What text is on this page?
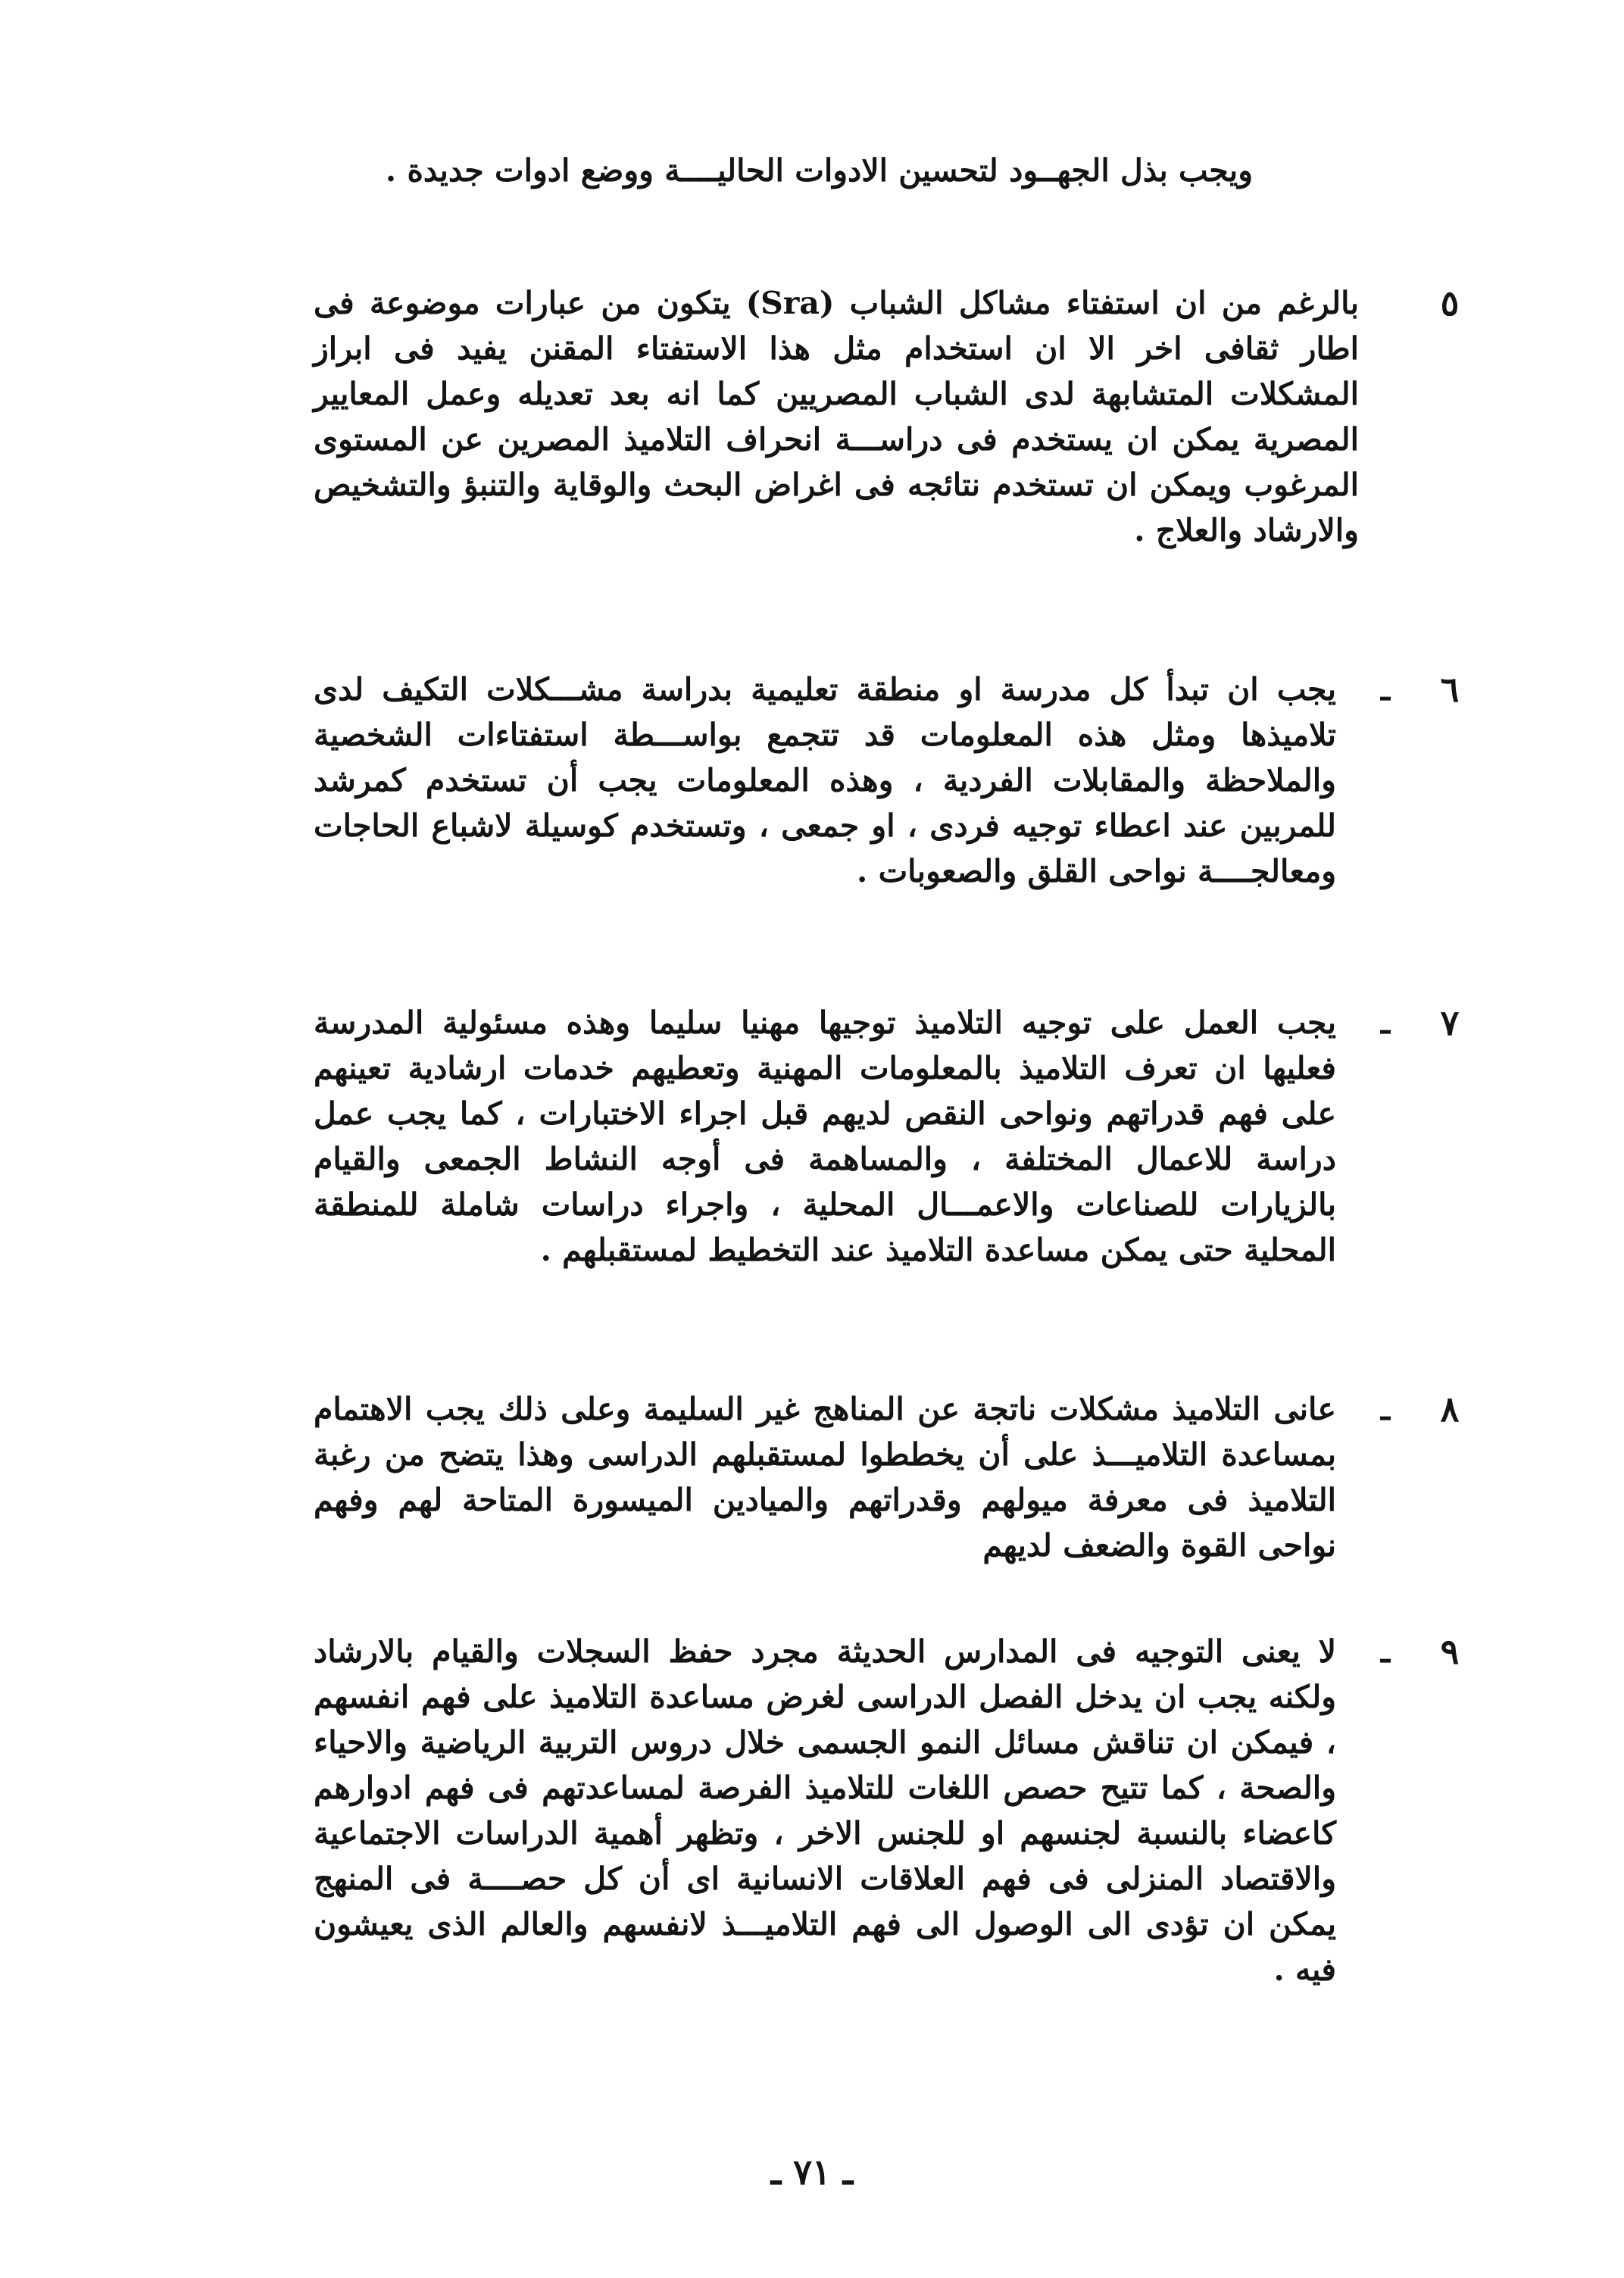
ويجب بذل الجهــود لتحسين الادوات الحاليــــة ووضع ادوات جديدة .
٥
بالرغم من ان استفتاء مشاكل الشباب (Sra) يتكون من عبارات موضوعة فى اطار ثقافى اخر الا ان استخدام مثل هذا الاستفتاء المقنن يفيد فى ابراز المشكلات المتشابهة لدى الشباب المصريين كما انه بعد تعديله وعمل المعايير المصرية يمكن ان يستخدم فى دراســـة انحراف التلاميذ المصرين عن المستوى المرغوب ويمكن ان تستخدم نتائجه فى اغراض البحث والوقاية والتنبؤ والتشخيص والارشاد والعلاج .
٦
ـ
يجب ان تبدأ كل مدرسة او منطقة تعليمية بدراسة مشـــكلات التكيف لدى تلاميذها ومثل هذه المعلومات قد تتجمع بواســـطة استفتاءات الشخصية والملاحظة والمقابلات الفردية ، وهذه المعلومات يجب أن تستخدم كمرشد للمربين عند اعطاء توجيه فردى ، او جمعى ، وتستخدم كوسيلة لاشباع الحاجات ومعالجــــة نواحى القلق والصعوبات .
٧
ـ
يجب العمل على توجيه التلاميذ توجيها مهنيا سليما وهذه مسئولية المدرسة فعليها ان تعرف التلاميذ بالمعلومات المهنية وتعطيهم خدمات ارشادية تعينهم على فهم قدراتهم ونواحى النقص لديهم قبل اجراء الاختبارات ، كما يجب عمل دراسة للاعمال المختلفة ، والمساهمة فى أوجه النشاط الجمعى والقيام بالزيارات للصناعات والاعمـــال المحلية ، واجراء دراسات شاملة للمنطقة المحلية حتى يمكن مساعدة التلاميذ عند التخطيط لمستقبلهم .
٨
ـ
عانى التلاميذ مشكلات ناتجة عن المناهج غير السليمة وعلى ذلك يجب الاهتمام بمساعدة التلاميـــذ على أن يخططوا لمستقبلهم الدراسى وهذا يتضح من رغبة التلاميذ فى معرفة ميولهم وقدراتهم والميادين الميسورة المتاحة لهم وفهم نواحى القوة والضعف لديهم
٩
ـ
لا يعنى التوجيه فى المدارس الحديثة مجرد حفظ السجلات والقيام بالارشاد ولكنه يجب ان يدخل الفصل الدراسى لغرض مساعدة التلاميذ على فهم انفسهم ، فيمكن ان تناقش مسائل النمو الجسمى خلال دروس التربية الرياضية والاحياء والصحة ، كما تتيح حصص اللغات للتلاميذ الفرصة لمساعدتهم فى فهم ادوارهم كاعضاء بالنسبة لجنسهم او للجنس الاخر ، وتظهر أهمية الدراسات الاجتماعية والاقتصاد المنزلى فى فهم العلاقات الانسانية اى أن كل حصــــة فى المنهج يمكن ان تؤدى الى الوصول الى فهم التلاميـــذ لانفسهم والعالم الذى يعيشون فيه .
ـ ٧١ ـ
